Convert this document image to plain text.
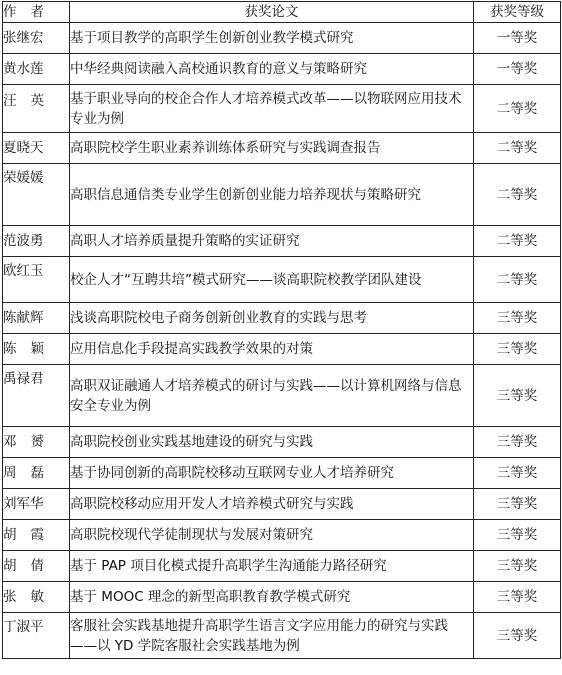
作者	获奖论文	获奖等级
张继宏	基于项目教学的高职学生创新创业教学模式研究	一等奖
黄水莲	中华经典阅读融入高校通识教育的意义与策略研究	一等奖
汪英	基于职业导向的校企合作人才培养模式改革——以物联网应用技术专业为例	二等奖
夏晓天	高职院校学生职业素养训练体系研究与实践调查报告	二等奖
荣媛媛	高职信息通信类专业学生创新创业能力培养现状与策略研究	二等奖
范波勇	高职人才培养质量提升策略的实证研究	二等奖
欧红玉	校企人才“互聘共培”模式研究——谈高职院校教学团队建设	二等奖
陈献辉	浅谈高职院校电子商务创新创业教育的实践与思考	三等奖
陈颖	应用信息化手段提高实践教学效果的对策	三等奖
禹禄君	高职双证融通人才培养模式的研讨与实践——以计算机网络与信息安全专业为例	三等奖
邓赟	高职院校创业实践基地建设的研究与实践	三等奖
周磊	基于协同创新的高职院校移动互联网专业人才培养研究	三等奖
刘军华	高职院校移动应用开发人才培养模式研究与实践	三等奖
胡霞	高职院校现代学徒制现状与发展对策研究	三等奖
胡倩	基于 PAP 项目化模式提升高职学生沟通能力路径研究	三等奖
张敏	基于 MOOC 理念的新型高职教育教学模式研究	三等奖
丁淑平	客服社会实践基地提升高职学生语言文字应用能力的研究与实践——以 YD 学院客服社会实践基地为例	三等奖
